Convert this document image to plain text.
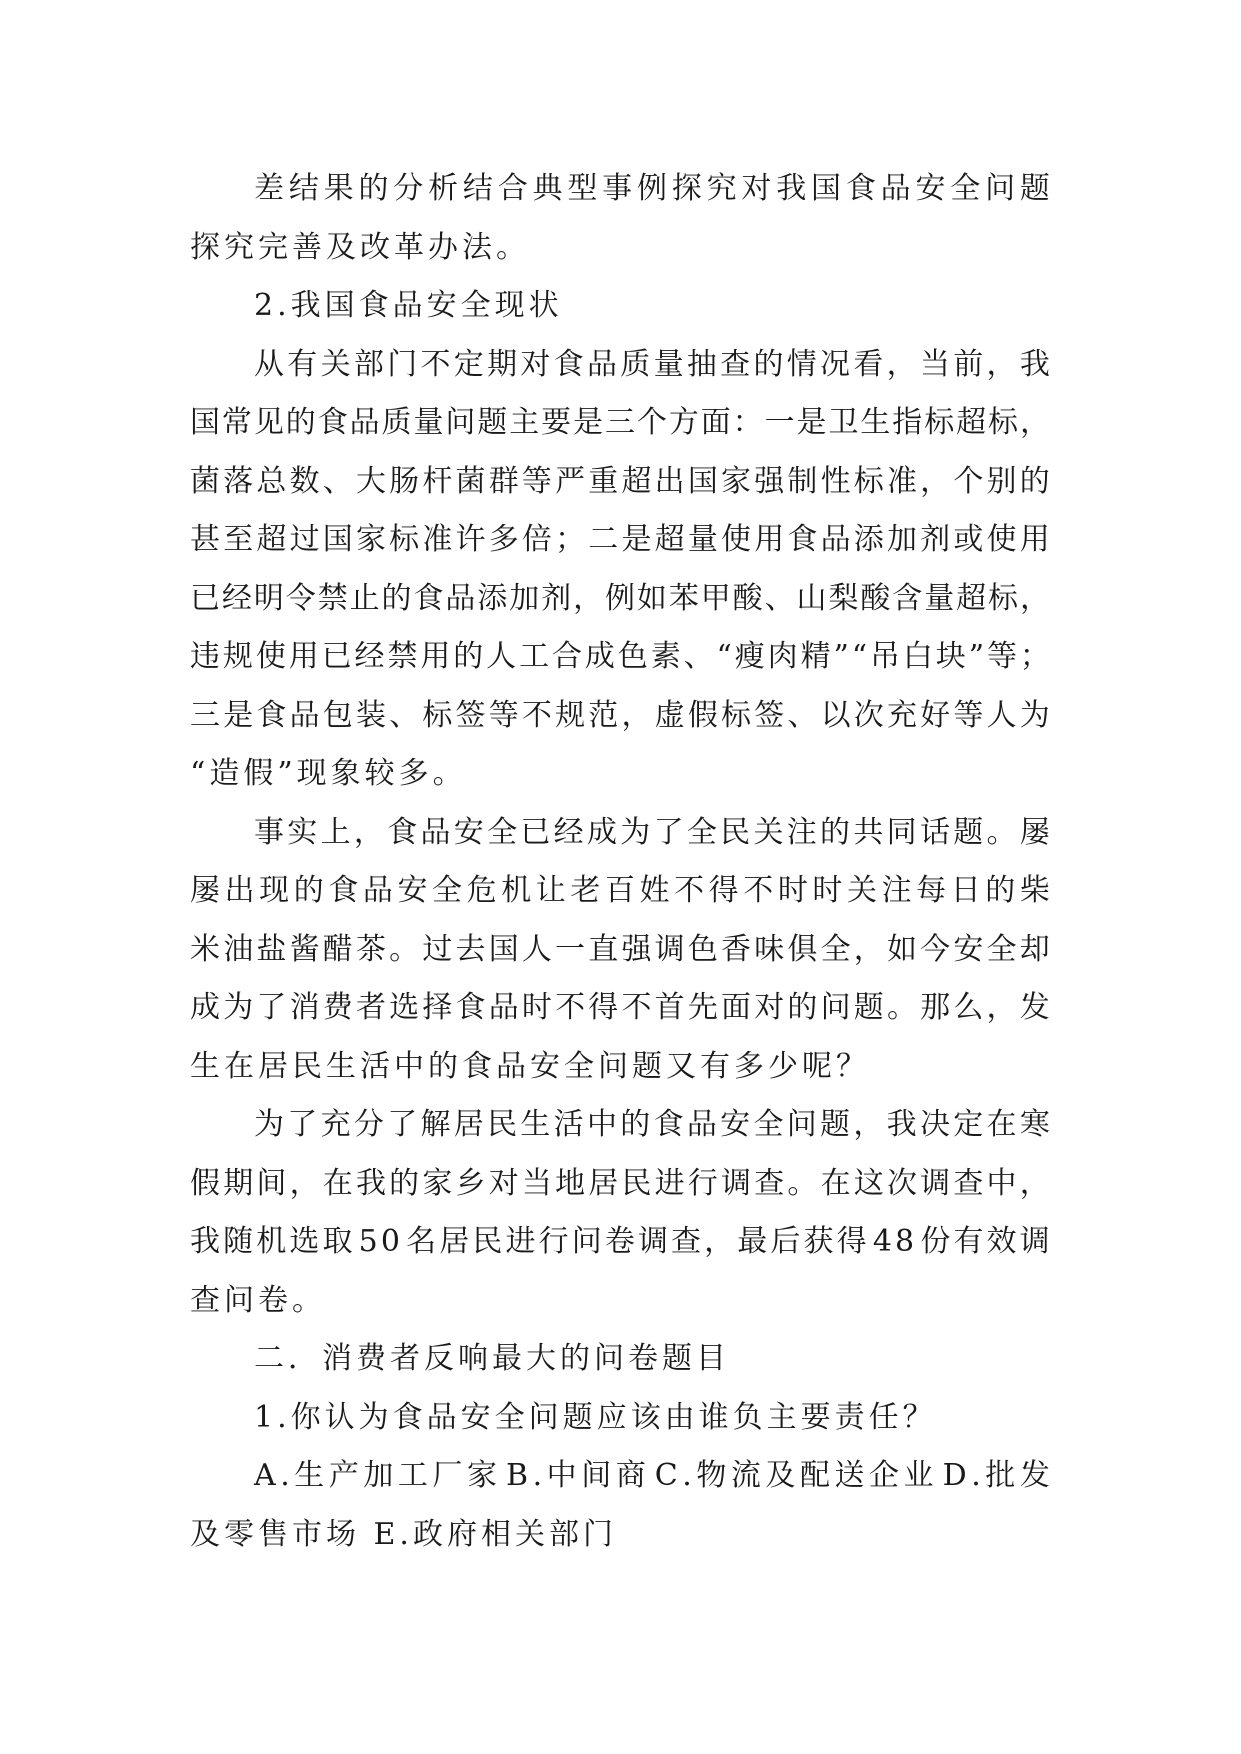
差 结 果 的 分 析 结 合 典 型 事 例 探 究 对 我 国 食 品 安 全 问 题
探究完善及改革办法。
2.我国食品安全现状
从 有 关 部 门 不 定 期 对 食 品 质 量 抽 查 的 情 况 看 ， 当 前 ， 我
国 常 见 的 食 品 质 量 问 题 主 要 是 三 个 方 面 ： 一 是 卫 生 指 标 超 标 ，
菌 落 总 数 、 大 肠 杆 菌 群 等 严 重 超 出 国 家 强 制 性 标 准 ， 个 别 的
甚 至 超 过 国 家 标 准 许 多 倍 ； 二 是 超 量 使 用 食 品 添 加 剂 或 使 用
已 经 明 令 禁 止 的 食 品 添 加 剂 ， 例 如 苯 甲 酸 、 山 梨 酸 含 量 超 标 ，
违 规 使 用 已 经 禁 用 的 人 工 合 成 色 素 、 “ 瘦 肉 精 ” “ 吊 白 块 ” 等 ；
三 是 食 品 包 装 、 标 签 等 不 规 范 ， 虚 假 标 签 、 以 次 充 好 等 人 为
“造假”现象较多。
事 实 上 ， 食 品 安 全 已 经 成 为 了 全 民 关 注 的 共 同 话 题 。 屡
屡 出 现 的 食 品 安 全 危 机 让 老 百 姓 不 得 不 时 时 关 注 每 日 的 柴
米 油 盐 酱 醋 茶 。 过 去 国 人 一 直 强 调 色 香 味 俱 全 ， 如 今 安 全 却
成 为 了 消 费 者 选 择 食 品 时 不 得 不 首 先 面 对 的 问 题 。 那 么 ， 发
生在居民生活中的食品安全问题又有多少呢？
为 了 充 分 了 解 居 民 生 活 中 的 食 品 安 全 问 题 ， 我 决 定 在 寒
假 期 间 ， 在 我 的 家 乡 对 当 地 居 民 进 行 调 查 。 在 这 次 调 查 中 ，
我 随 机 选 取 5 0 名 居 民 进 行 问 卷 调 查 ， 最 后 获 得 4 8 份 有 效 调
查问卷。
二．消费者反响最大的问卷题目
1.你认为食品安全问题应该由谁负主要责任？
A . 生 产 加 工 厂 家 B . 中 间 商 C . 物 流 及 配 送 企 业 D . 批 发
及零售市场 E.政府相关部门
